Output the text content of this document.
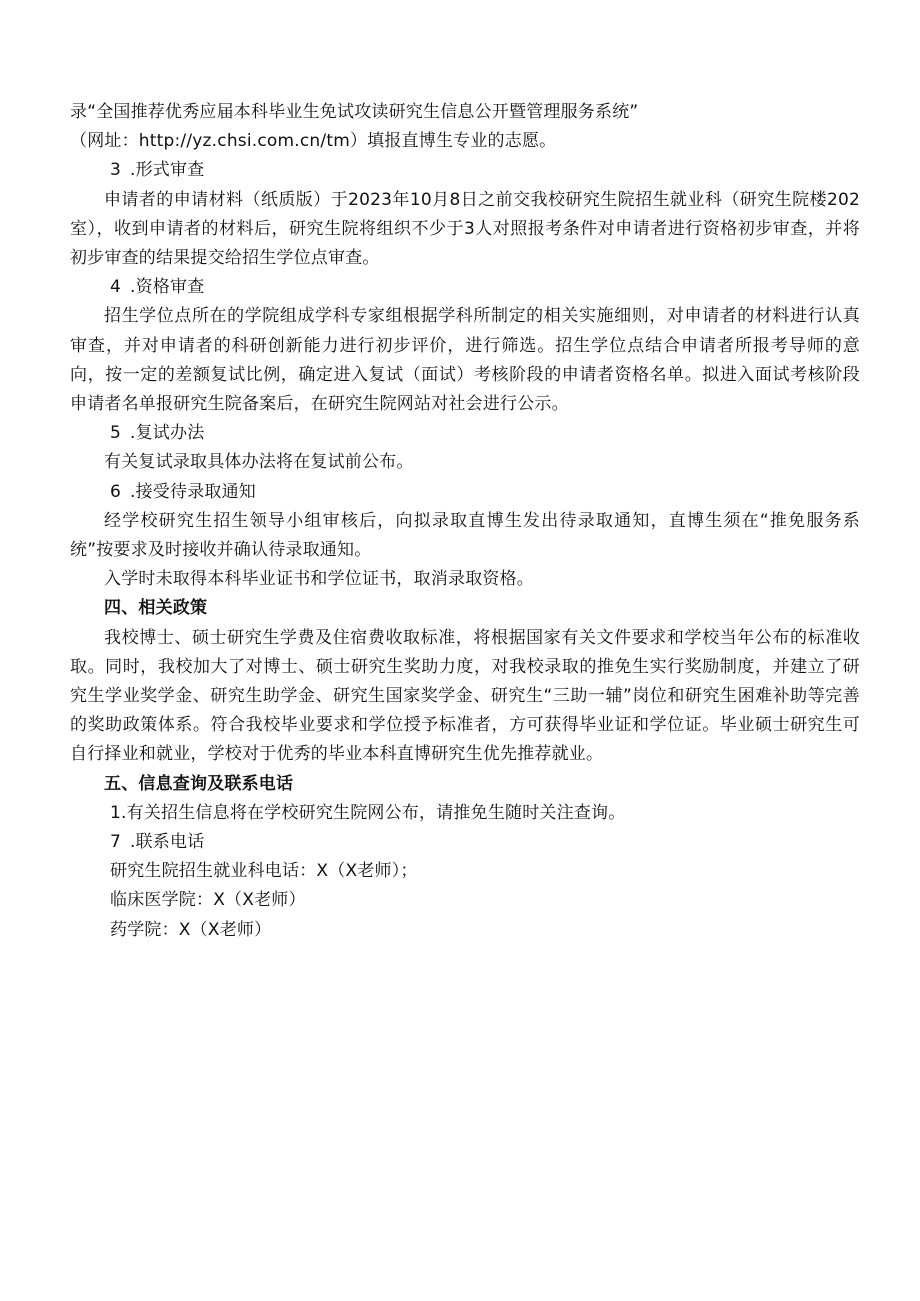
录“全国推荐优秀应届本科毕业生免试攻读研究生信息公开暨管理服务系统”

（网址：http://yz.chsi.com.cn/tm）填报直博生专业的志愿。

3 .形式审查

申请者的申请材料（纸质版）于2023年10月8日之前交我校研究生院招生就业科（研究生院楼202室），收到申请者的材料后，研究生院将组织不少于3人对照报考条件对申请者进行资格初步审查，并将初步审查的结果提交给招生学位点审查。

4 .资格审查

招生学位点所在的学院组成学科专家组根据学科所制定的相关实施细则，对申请者的材料进行认真审查，并对申请者的科研创新能力进行初步评价，进行筛选。招生学位点结合申请者所报考导师的意向，按一定的差额复试比例，确定进入复试（面试）考核阶段的申请者资格名单。拟进入面试考核阶段申请者名单报研究生院备案后，在研究生院网站对社会进行公示。

5 .复试办法

有关复试录取具体办法将在复试前公布。

6 .接受待录取通知

经学校研究生招生领导小组审核后，向拟录取直博生发出待录取通知，直博生须在“推免服务系统”按要求及时接收并确认待录取通知。

入学时未取得本科毕业证书和学位证书，取消录取资格。

四、相关政策

我校博士、硕士研究生学费及住宿费收取标准，将根据国家有关文件要求和学校当年公布的标准收取。同时，我校加大了对博士、硕士研究生奖助力度，对我校录取的推免生实行奖励制度，并建立了研究生学业奖学金、研究生助学金、研究生国家奖学金、研究生“三助一辅”岗位和研究生困难补助等完善的奖助政策体系。符合我校毕业要求和学位授予标准者，方可获得毕业证和学位证。毕业硕士研究生可自行择业和就业，学校对于优秀的毕业本科直博研究生优先推荐就业。

五、信息查询及联系电话

1.有关招生信息将在学校研究生院网公布，请推免生随时关注查询。

7 .联系电话

研究生院招生就业科电话：X（X老师）；

临床医学院：X（X老师）

药学院：X（X老师）
